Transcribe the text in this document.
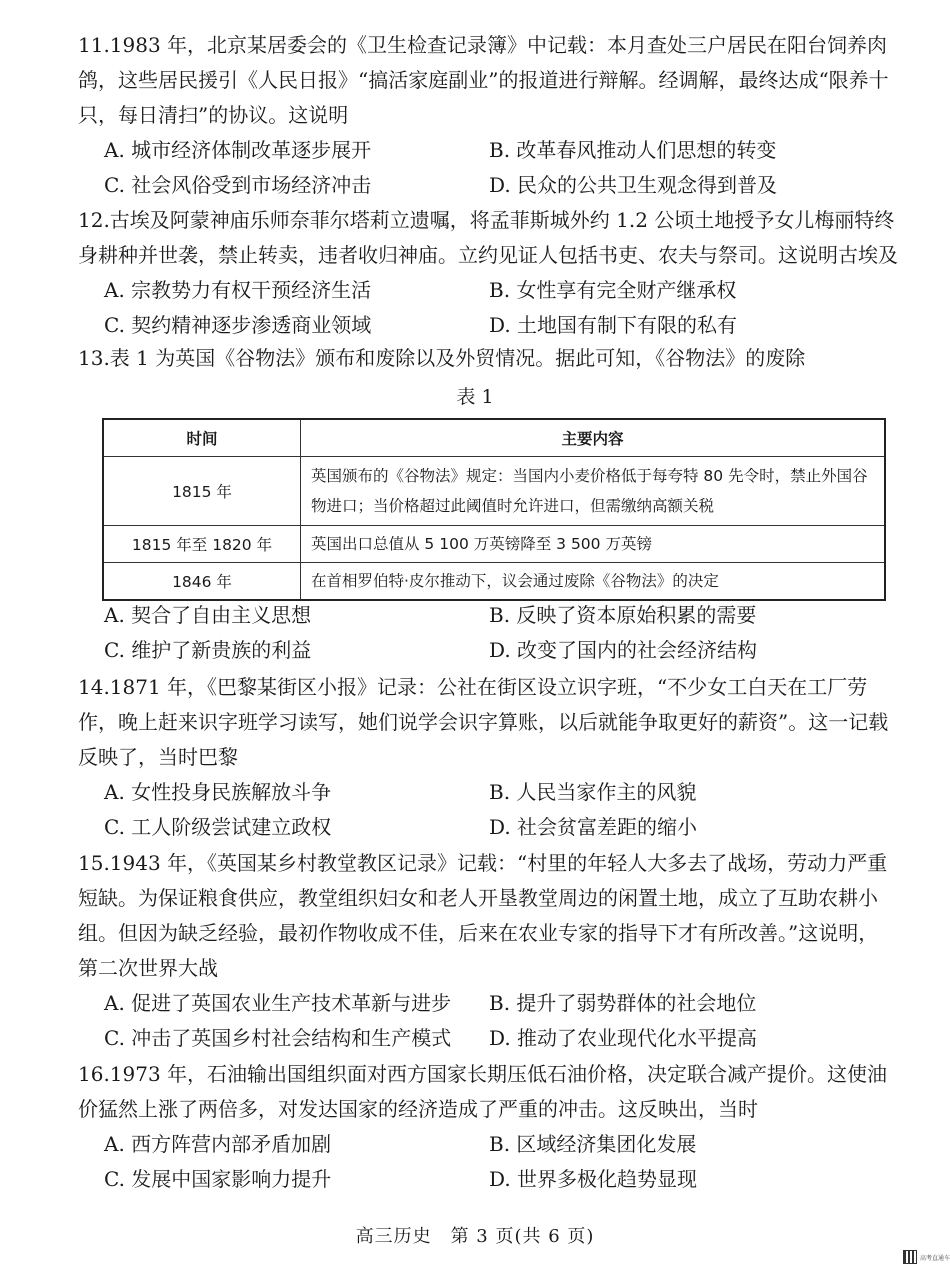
11.1983 年，北京某居委会的《卫生检查记录簿》中记载：本月查处三户居民在阳台饲养肉鸽，这些居民援引《人民日报》“搞活家庭副业”的报道进行辩解。经调解，最终达成“限养十只，每日清扫”的协议。这说明

A. 城市经济体制改革逐步展开	B. 改革春风推动人们思想的转变
C. 社会风俗受到市场经济冲击	D. 民众的公共卫生观念得到普及

12.古埃及阿蒙神庙乐师奈菲尔塔莉立遗嘱，将孟菲斯城外约 1.2 公顷土地授予女儿梅丽特终身耕种并世袭，禁止转卖，违者收归神庙。立约见证人包括书吏、农夫与祭司。这说明古埃及

A. 宗教势力有权干预经济生活	B. 女性享有完全财产继承权
C. 契约精神逐步渗透商业领域	D. 土地国有制下有限的私有

13.表 1 为英国《谷物法》颁布和废除以及外贸情况。据此可知，《谷物法》的废除

表 1
时间	主要内容
1815 年	英国颁布的《谷物法》规定：当国内小麦价格低于每夸特 80 先令时，禁止外国谷物进口；当价格超过此阈值时允许进口，但需缴纳高额关税
1815 年至 1820 年	英国出口总值从 5 100 万英镑降至 3 500 万英镑
1846 年	在首相罗伯特·皮尔推动下，议会通过废除《谷物法》的决定
A. 契合了自由主义思想	B. 反映了资本原始积累的需要
C. 维护了新贵族的利益	D. 改变了国内的社会经济结构

14.1871 年，《巴黎某街区小报》记录：公社在街区设立识字班，“不少女工白天在工厂劳作，晚上赶来识字班学习读写，她们说学会识字算账，以后就能争取更好的薪资”。这一记载反映了，当时巴黎

A. 女性投身民族解放斗争	B. 人民当家作主的风貌
C. 工人阶级尝试建立政权	D. 社会贫富差距的缩小

15.1943 年，《英国某乡村教堂教区记录》记载：“村里的年轻人大多去了战场，劳动力严重短缺。为保证粮食供应，教堂组织妇女和老人开垦教堂周边的闲置土地，成立了互助农耕小组。但因为缺乏经验，最初作物收成不佳，后来在农业专家的指导下才有所改善。”这说明，第二次世界大战

A. 促进了英国农业生产技术革新与进步	B. 提升了弱势群体的社会地位
C. 冲击了英国乡村社会结构和生产模式	D. 推动了农业现代化水平提高

16.1973 年，石油输出国组织面对西方国家长期压低石油价格，决定联合减产提价。这使油价猛然上涨了两倍多，对发达国家的经济造成了严重的冲击。这反映出，当时

A. 西方阵营内部矛盾加剧	B. 区域经济集团化发展
C. 发展中国家影响力提升	D. 世界多极化趋势显现
高三历史　第 3 页(共 6 页)
高考直通车
